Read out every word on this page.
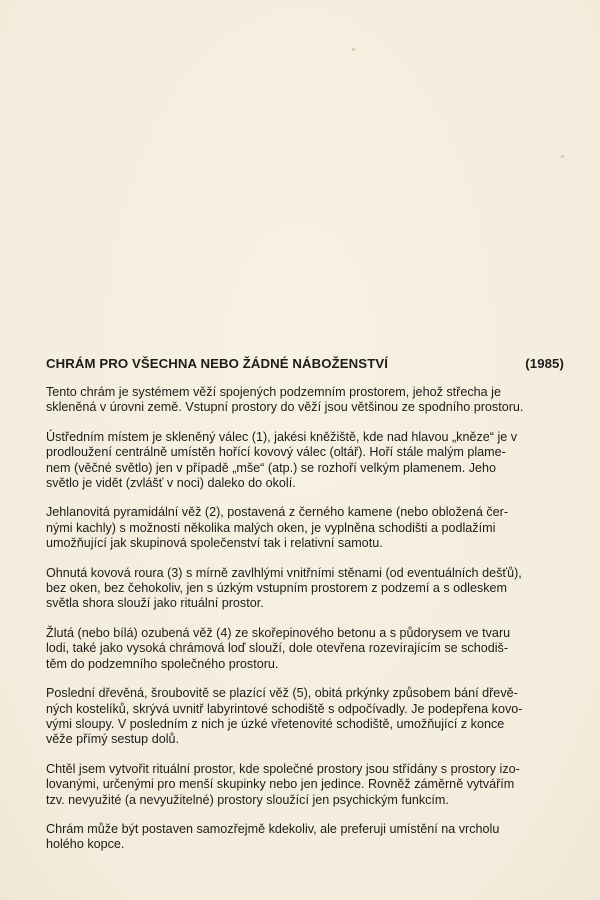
CHRÁM PRO VŠECHNA NEBO ŽÁDNÉ NÁBOŽENSTVÍ	(1985)

Tento chrám je systémem věží spojených podzemním prostorem, jehož střecha je
skleněná v úrovni země. Vstupní prostory do věží jsou většinou ze spodního prostoru.

Ústředním místem je skleněný válec (1), jakési kněžiště, kde nad hlavou „kněze“ je v
prodloužení centrálně umístěn hořící kovový válec (oltář). Hoří stále malým plame-
nem (věčné světlo) jen v případě „mše“ (atp.) se rozhoří velkým plamenem. Jeho
světlo je vidět (zvlášť v noci) daleko do okolí.

Jehlanovitá pyramidální věž (2), postavená z černého kamene (nebo obložená čer-
nými kachly) s možností několika malých oken, je vyplněna schodišti a podlažími
umožňující jak skupinová společenství tak i relativní samotu.

Ohnutá kovová roura (3) s mírně zavlhlými vnitřními stěnami (od eventuálních dešťů),
bez oken, bez čehokoliv, jen s úzkým vstupním prostorem z podzemí a s odleskem
světla shora slouží jako rituální prostor.

Žlutá (nebo bílá) ozubená věž (4) ze skořepinového betonu a s půdorysem ve tvaru
lodi, také jako vysoká chrámová loď slouží, dole otevřena rozevírajícím se schodiš-
těm do podzemního společného prostoru.

Poslední dřevěná, šroubovitě se plazící věž (5), obitá prkýnky způsobem bání dřevě-
ných kostelíků, skrývá uvnitř labyrintové schodiště s odpočívadly. Je podepřena kovo-
vými sloupy. V posledním z nich je úzké vřetenovité schodiště, umožňující z konce
věže přímý sestup dolů.

Chtěl jsem vytvořit rituální prostor, kde společné prostory jsou střídány s prostory izo-
lovanými, určenými pro menší skupinky nebo jen jedince. Rovněž záměrně vytvářím
tzv. nevyužité (a nevyužitelné) prostory sloužící jen psychickým funkcím.

Chrám může být postaven samozřejmě kdekoliv, ale preferuji umístění na vrcholu
holého kopce.
